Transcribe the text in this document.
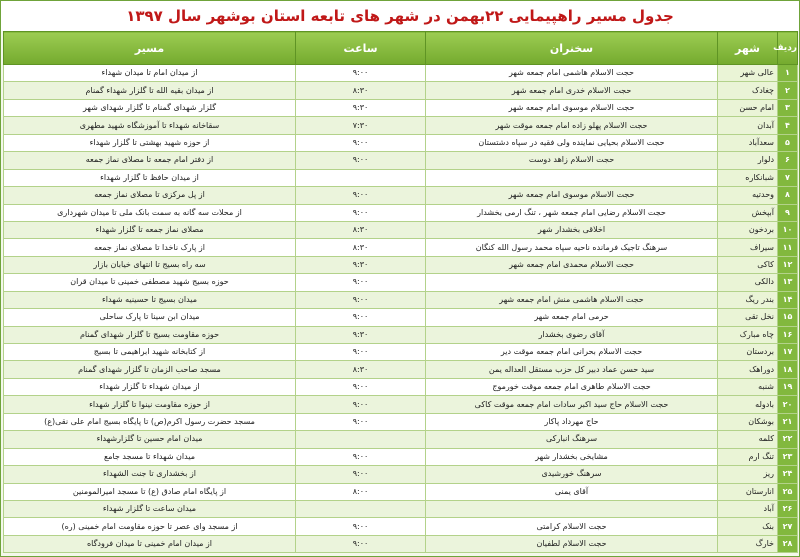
جدول مسیر راهپیمایی ۲۲بهمن در شهر های تابعه استان بوشهر سال ۱۳۹۷
ردیف	شهر	سخنران	ساعت	مسیر
۱	عالی شهر	حجت الاسلام هاشمی امام جمعه شهر	۹:۰۰	از میدان امام تا میدان شهداء
۲	چغادک	حجت الاسلام خدری امام جمعه شهر	۸:۳۰	از میدان بقیه الله تا گلزار شهداء گمنام
۳	امام حسن	حجت الاسلام موسوی امام جمعه شهر	۹:۳۰	گلزار شهدای گمنام تا گلزار شهدای شهر
۴	آبدان	حجت الاسلام پهلو زاده امام جمعه موقت شهر	۷:۳۰	سقاخانه شهداء تا آموزشگاه شهید مطهری
۵	سعدآباد	حجت الاسلام بحیایی نماینده ولی فقیه در سپاه دشتستان	۹:۰۰	از حوزه شهید بهشتی تا گلزار شهداء
۶	دلوار	حجت الاسلام زاهد دوست	۹:۰۰	از دفتر امام جمعه تا مصلای نماز جمعه
۷	شبانکاره			از میدان حافظ تا گلزار شهداء
۸	وحدتیه	حجت الاسلام موسوی امام جمعه شهر	۹:۰۰	از پل مرکزی تا مصلای نماز جمعه
۹	آبپخش	حجت الاسلام رضایی امام جمعه شهر ، تنگ ارمی بخشدار	۹:۰۰	از محلات سه گانه به سمت بانک ملی تا میدان شهرداری
۱۰	بردخون	اخلاقی بخشدار شهر	۸:۳۰	مصلای نماز جمعه تا گلزار شهداء
۱۱	سیراف	سرهنگ تاجیک فرمانده ناحیه سپاه محمد رسول الله کنگان	۸:۳۰	از پارک ناخدا تا مصلای نماز جمعه
۱۲	کاکی	حجت الاسلام محمدی امام جمعه شهر	۹:۳۰	سه راه بسیج تا انتهای خیابان بازار
۱۳	دالکی		۹:۰۰	حوزه بسیج شهید مصطفی خمینی تا میدان قران
۱۴	بندر ریگ	حجت الاسلام هاشمی منش امام جمعه شهر	۹:۰۰	میدان بسیج تا حسینیه شهداء
۱۵	نخل تقی	حرمی امام جمعه شهر	۹:۰۰	میدان ابن سینا تا پارک ساحلی
۱۶	چاه مبارک	آقای رضوی بخشدار	۹:۳۰	حوزه مقاومت بسیج تا گلزار شهدای گمنام
۱۷	بردستان	حجت الاسلام بحرانی امام جمعه موقت دیر	۹:۰۰	از کتابخانه شهید ابراهیمی تا بسیج
۱۸	دوراهک	سید حسن عماد دبیر کل حزب مستقل العداله یمن	۸:۳۰	مسجد صاحب الزمان تا گلزار شهدای گمنام
۱۹	شنبه	حجت الاسلام طاهری امام جمعه موقت خورموج	۹:۰۰	از میدان شهداء تا گلزار شهداء
۲۰	بادوله	حجت الاسلام حاج سید اکبر سادات امام جمعه موقت کاکی	۹:۰۰	از حوزه مقاومت نینوا تا گلزار شهداء
۲۱	بوشکان	حاج مهرداد پاکار	۹:۰۰	مسجد حضرت رسول اکرم(ص) تا پایگاه بسیج امام علی نقی(ع)
۲۲	کلمه	سرهنگ انبارکی		میدان امام حسین تا گلزارشهداء
۲۳	تنگ ارم	مشایخی بخشدار شهر	۹:۰۰	میدان شهداء تا مسجد جامع
۲۴	ریز	سرهنگ خورشیدی	۹:۰۰	از بخشداری تا جنت الشهداء
۲۵	انارستان	آقای یمنی	۸:۰۰	از پایگاه امام صادق (ع) تا مسجد امیرالمومنین
۲۶	آباد			میدان ساعت تا گلزار شهداء
۲۷	بنک	حجت الاسلام کرامتی	۹:۰۰	از مسجد وای عصر تا حوزه مقاومت امام خمینی (ره)
۲۸	خارگ	حجت الاسلام لطفیان	۹:۰۰	از میدان امام خمینی تا میدان فرودگاه
